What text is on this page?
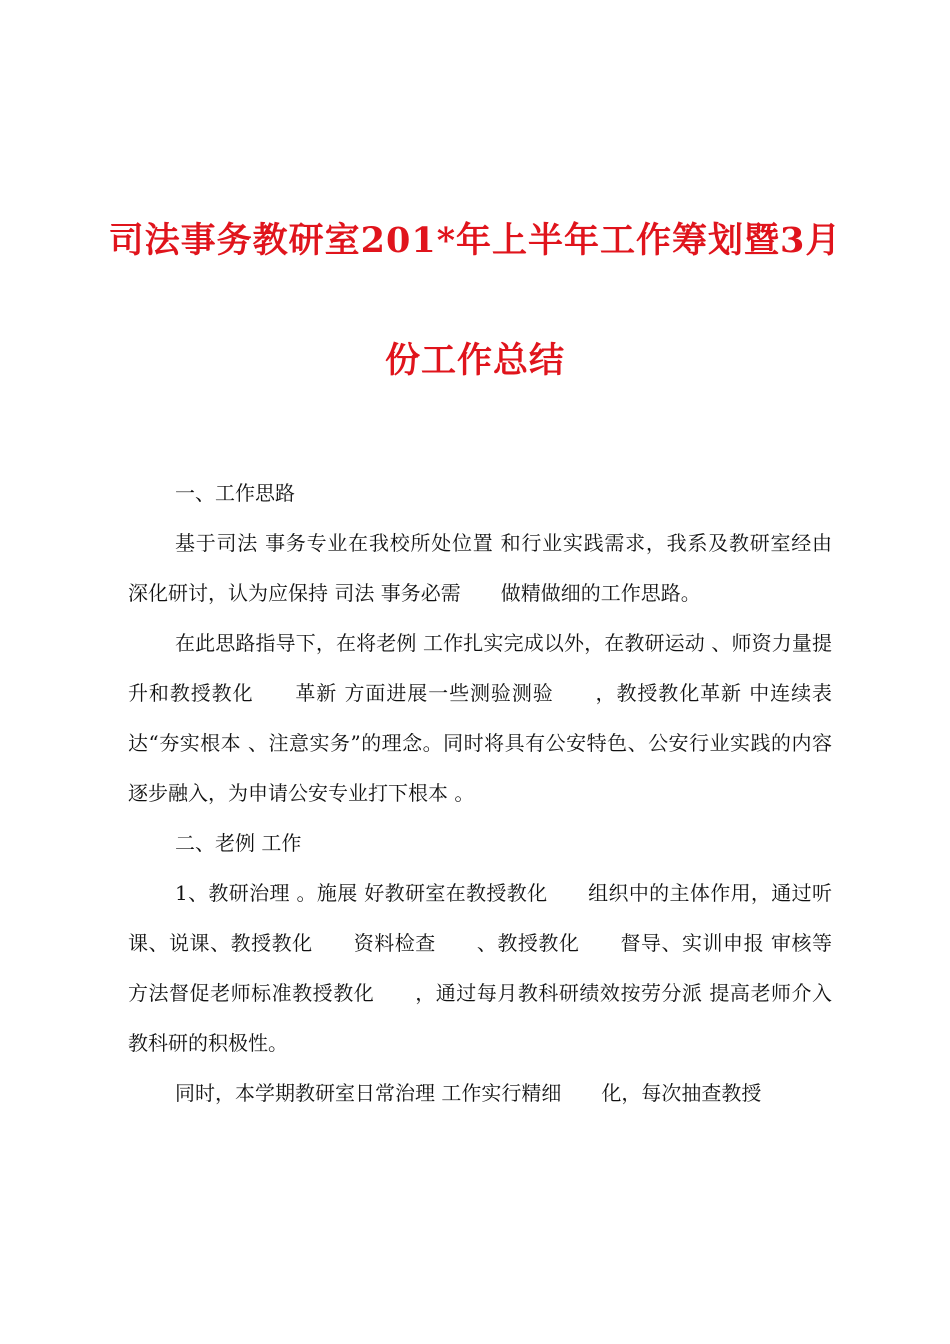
司法事务教研室201*年上半年工作筹划暨3月
份工作总结

一、工作思路

基于司法 事务专业在我校所处位置 和行业实践需求，我系及教研室经由 深化研讨，认为应保持 司法 事务必需　　做精做细的工作思路。

在此思路指导下，在将老例 工作扎实完成以外，在教研运动 、师资力量提升和教授教化　　革新 方面进展一些测验测验　　，教授教化革新 中连续表达“夯实根本 、注意实务”的理念。同时将具有公安特色、公安行业实践的内容逐步融入，为申请公安专业打下根本 。

二、老例 工作

1、教研治理 。施展 好教研室在教授教化　　组织中的主体作用，通过听课、说课、教授教化　　资料检查　　、教授教化　　督导、实训申报 审核等方法督促老师标准教授教化　　，通过每月教科研绩效按劳分派 提高老师介入 教科研的积极性。

同时，本学期教研室日常治理 工作实行精细　　化，每次抽查教授
